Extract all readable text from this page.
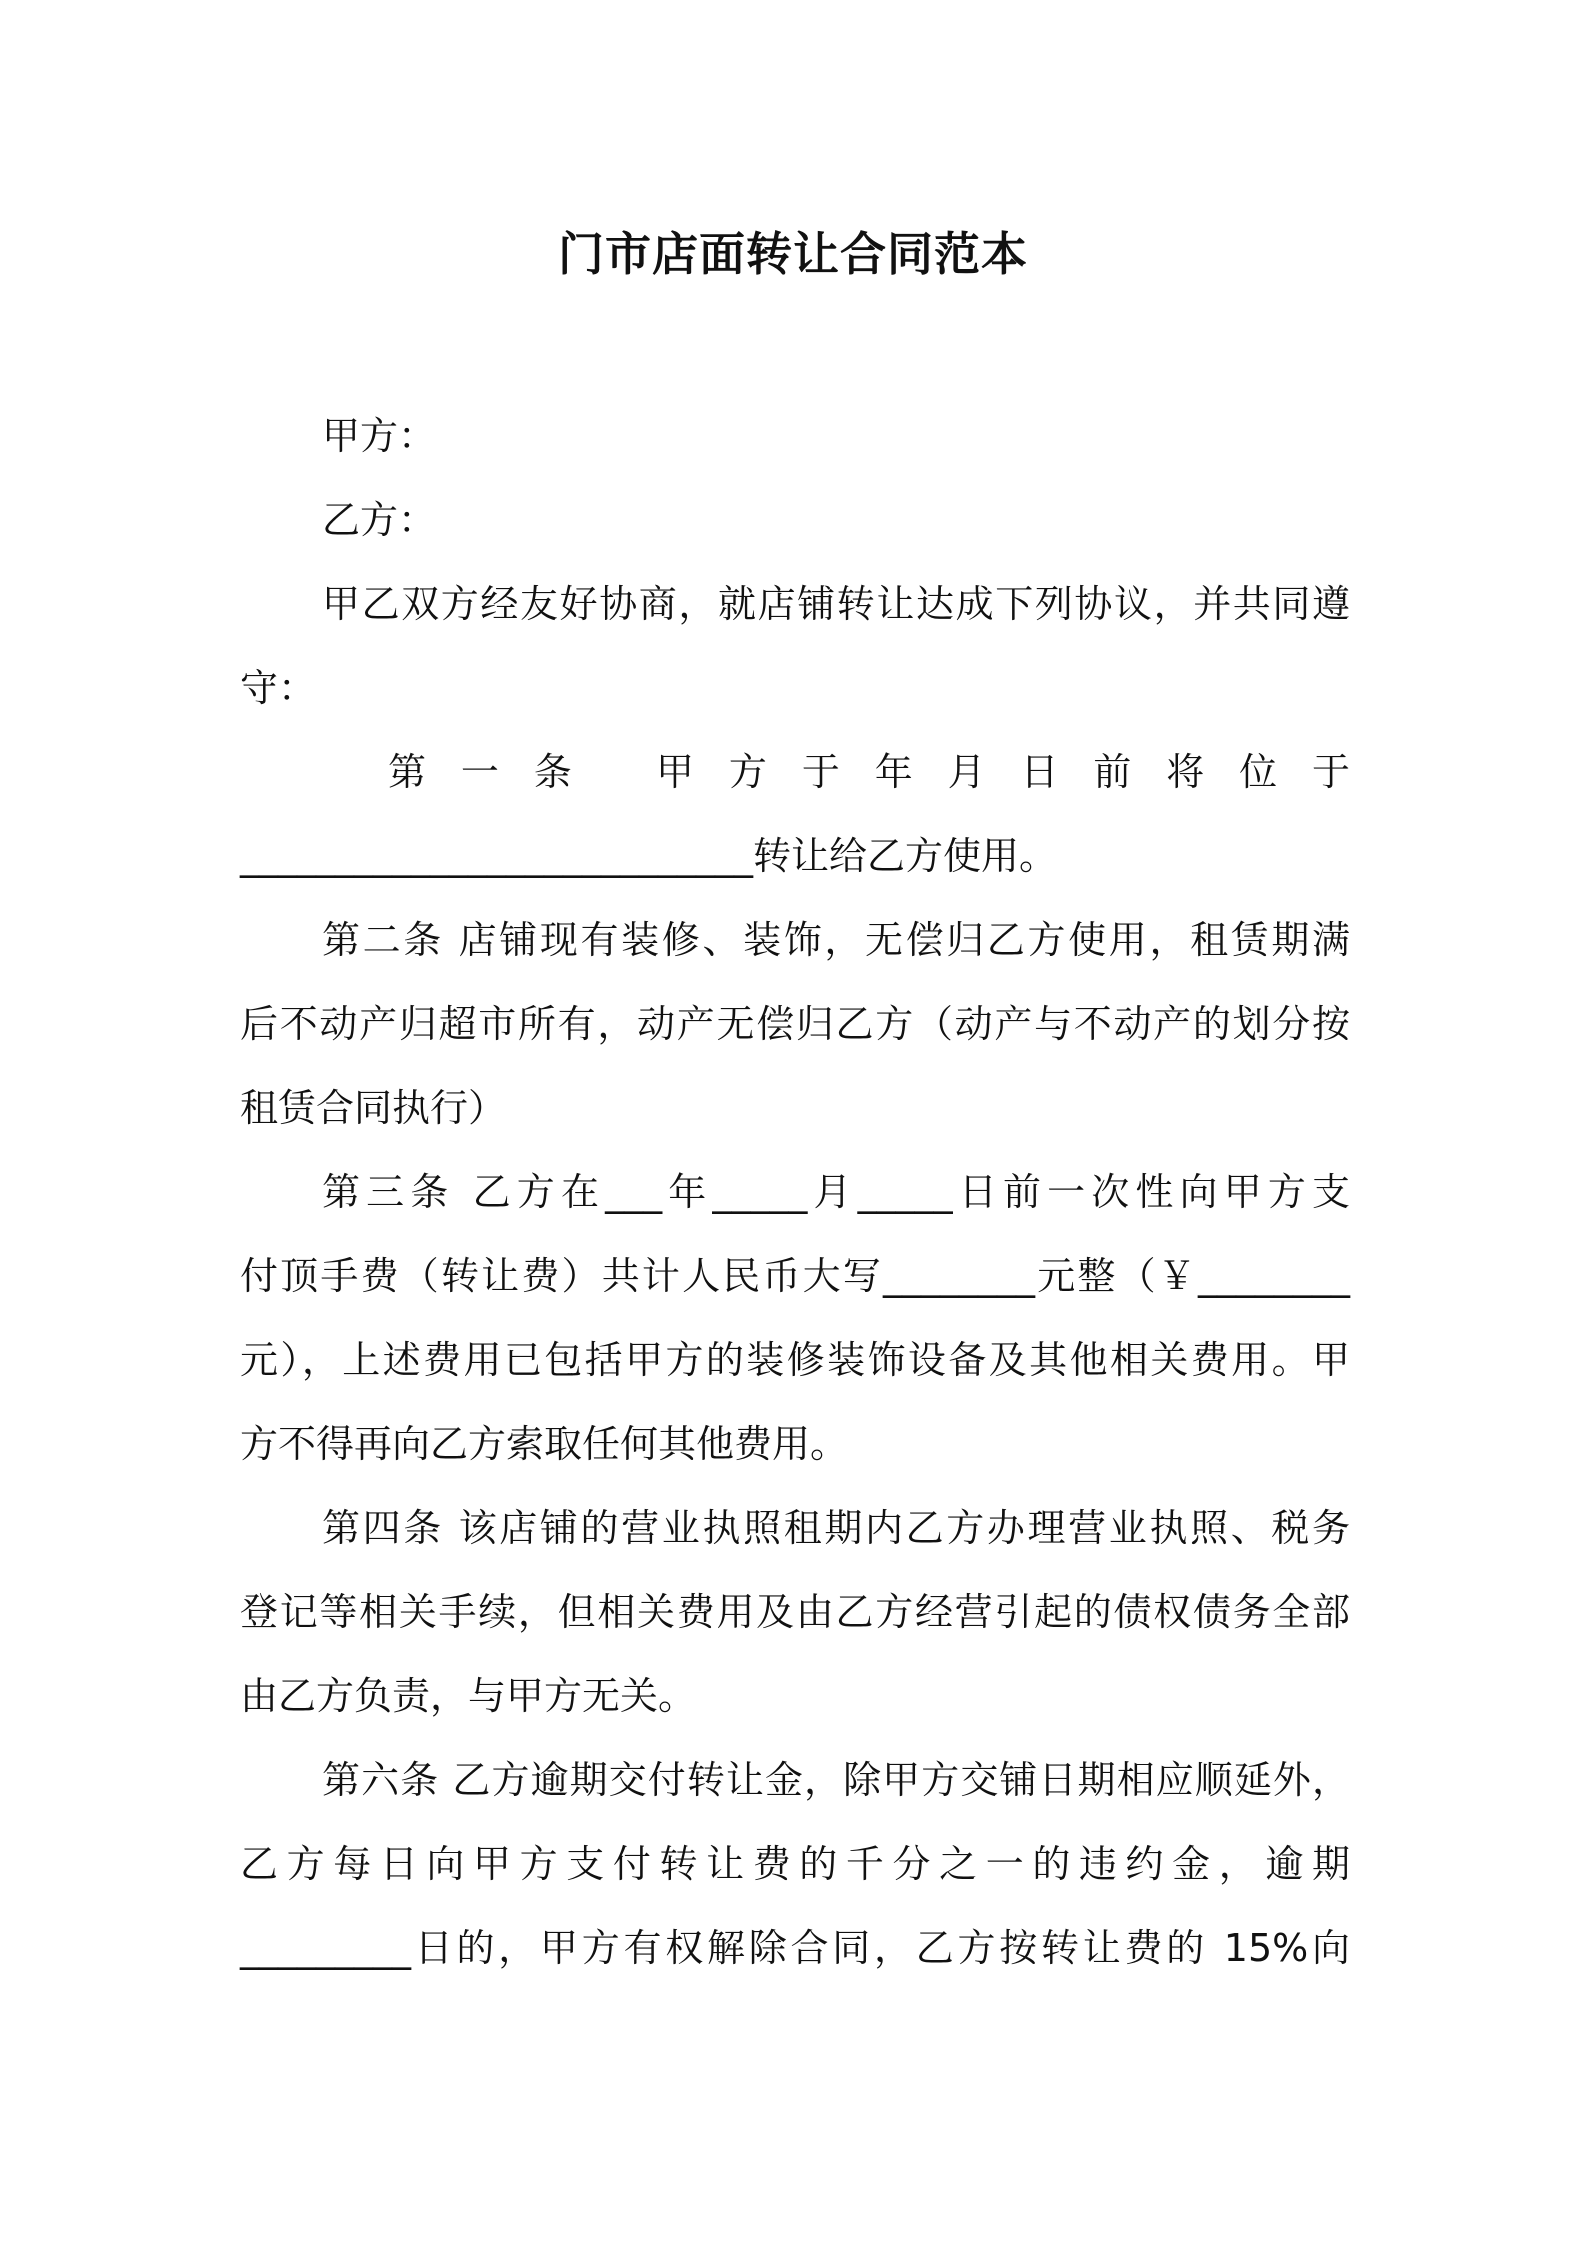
门市店面转让合同范本

甲方：

乙方：

甲乙双方经友好协商，就店铺转让达成下列协议，并共同遵

守：

第 一 条　 甲 方 于 年 月 日 前 将 位 于

___________________________转让给乙方使用。

第二条 店铺现有装修、装饰，无偿归乙方使用，租赁期满

后不动产归超市所有，动产无偿归乙方（动产与不动产的划分按

租赁合同执行）

第三条 乙方在___年_____月_____日前一次性向甲方支

付顶手费（转让费）共计人民币大写________元整（￥________

元），上述费用已包括甲方的装修装饰设备及其他相关费用。甲

方不得再向乙方索取任何其他费用。

第四条 该店铺的营业执照租期内乙方办理营业执照、税务

登记等相关手续，但相关费用及由乙方经营引起的债权债务全部

由乙方负责，与甲方无关。

第六条 乙方逾期交付转让金，除甲方交铺日期相应顺延外，

乙方每日向甲方支付转让费的千分之一的违约金，逾期

_________日的，甲方有权解除合同，乙方按转让费的 15%向
